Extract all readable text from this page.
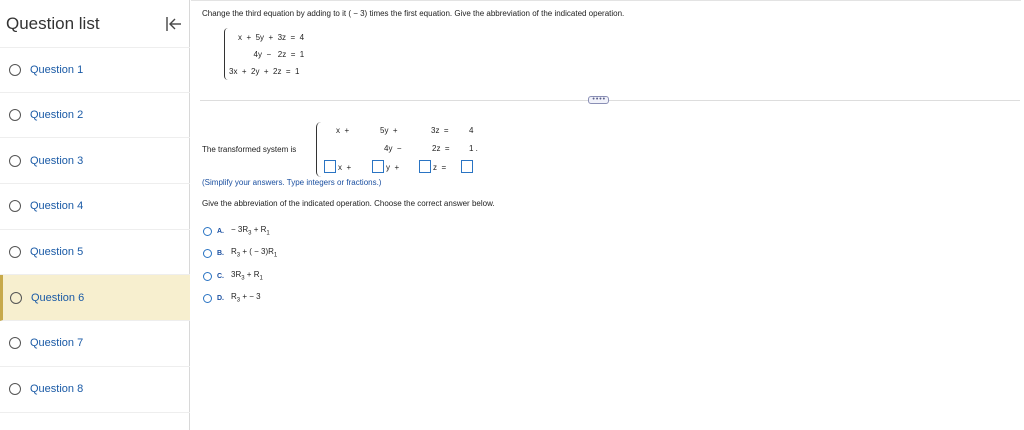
Question list
Question 1
Question 2
Question 3
Question 4
Question 5
Question 6
Question 7
Question 8
Change the third equation by adding to it ( − 3) times the first equation. Give the abbreviation of the indicated operation.
x  +  5y  +  3z  =  4
4y  −   2z  =  1
3x  +  2y  +  2z  =  1
• • • •
The transformed system is
x  +	5y  +	3z  =	4
4y  −	2z  = 1 .
x  +	y  +	z  =
(Simplify your answers. Type integers or fractions.)
Give the abbreviation of the indicated operation. Choose the correct answer below.
A. − $3R_3 + R_1$
B. $R_3$ + ( − $3)R_1$
C. $3R_3 + R_1$
D. $R_3$ + − 3
